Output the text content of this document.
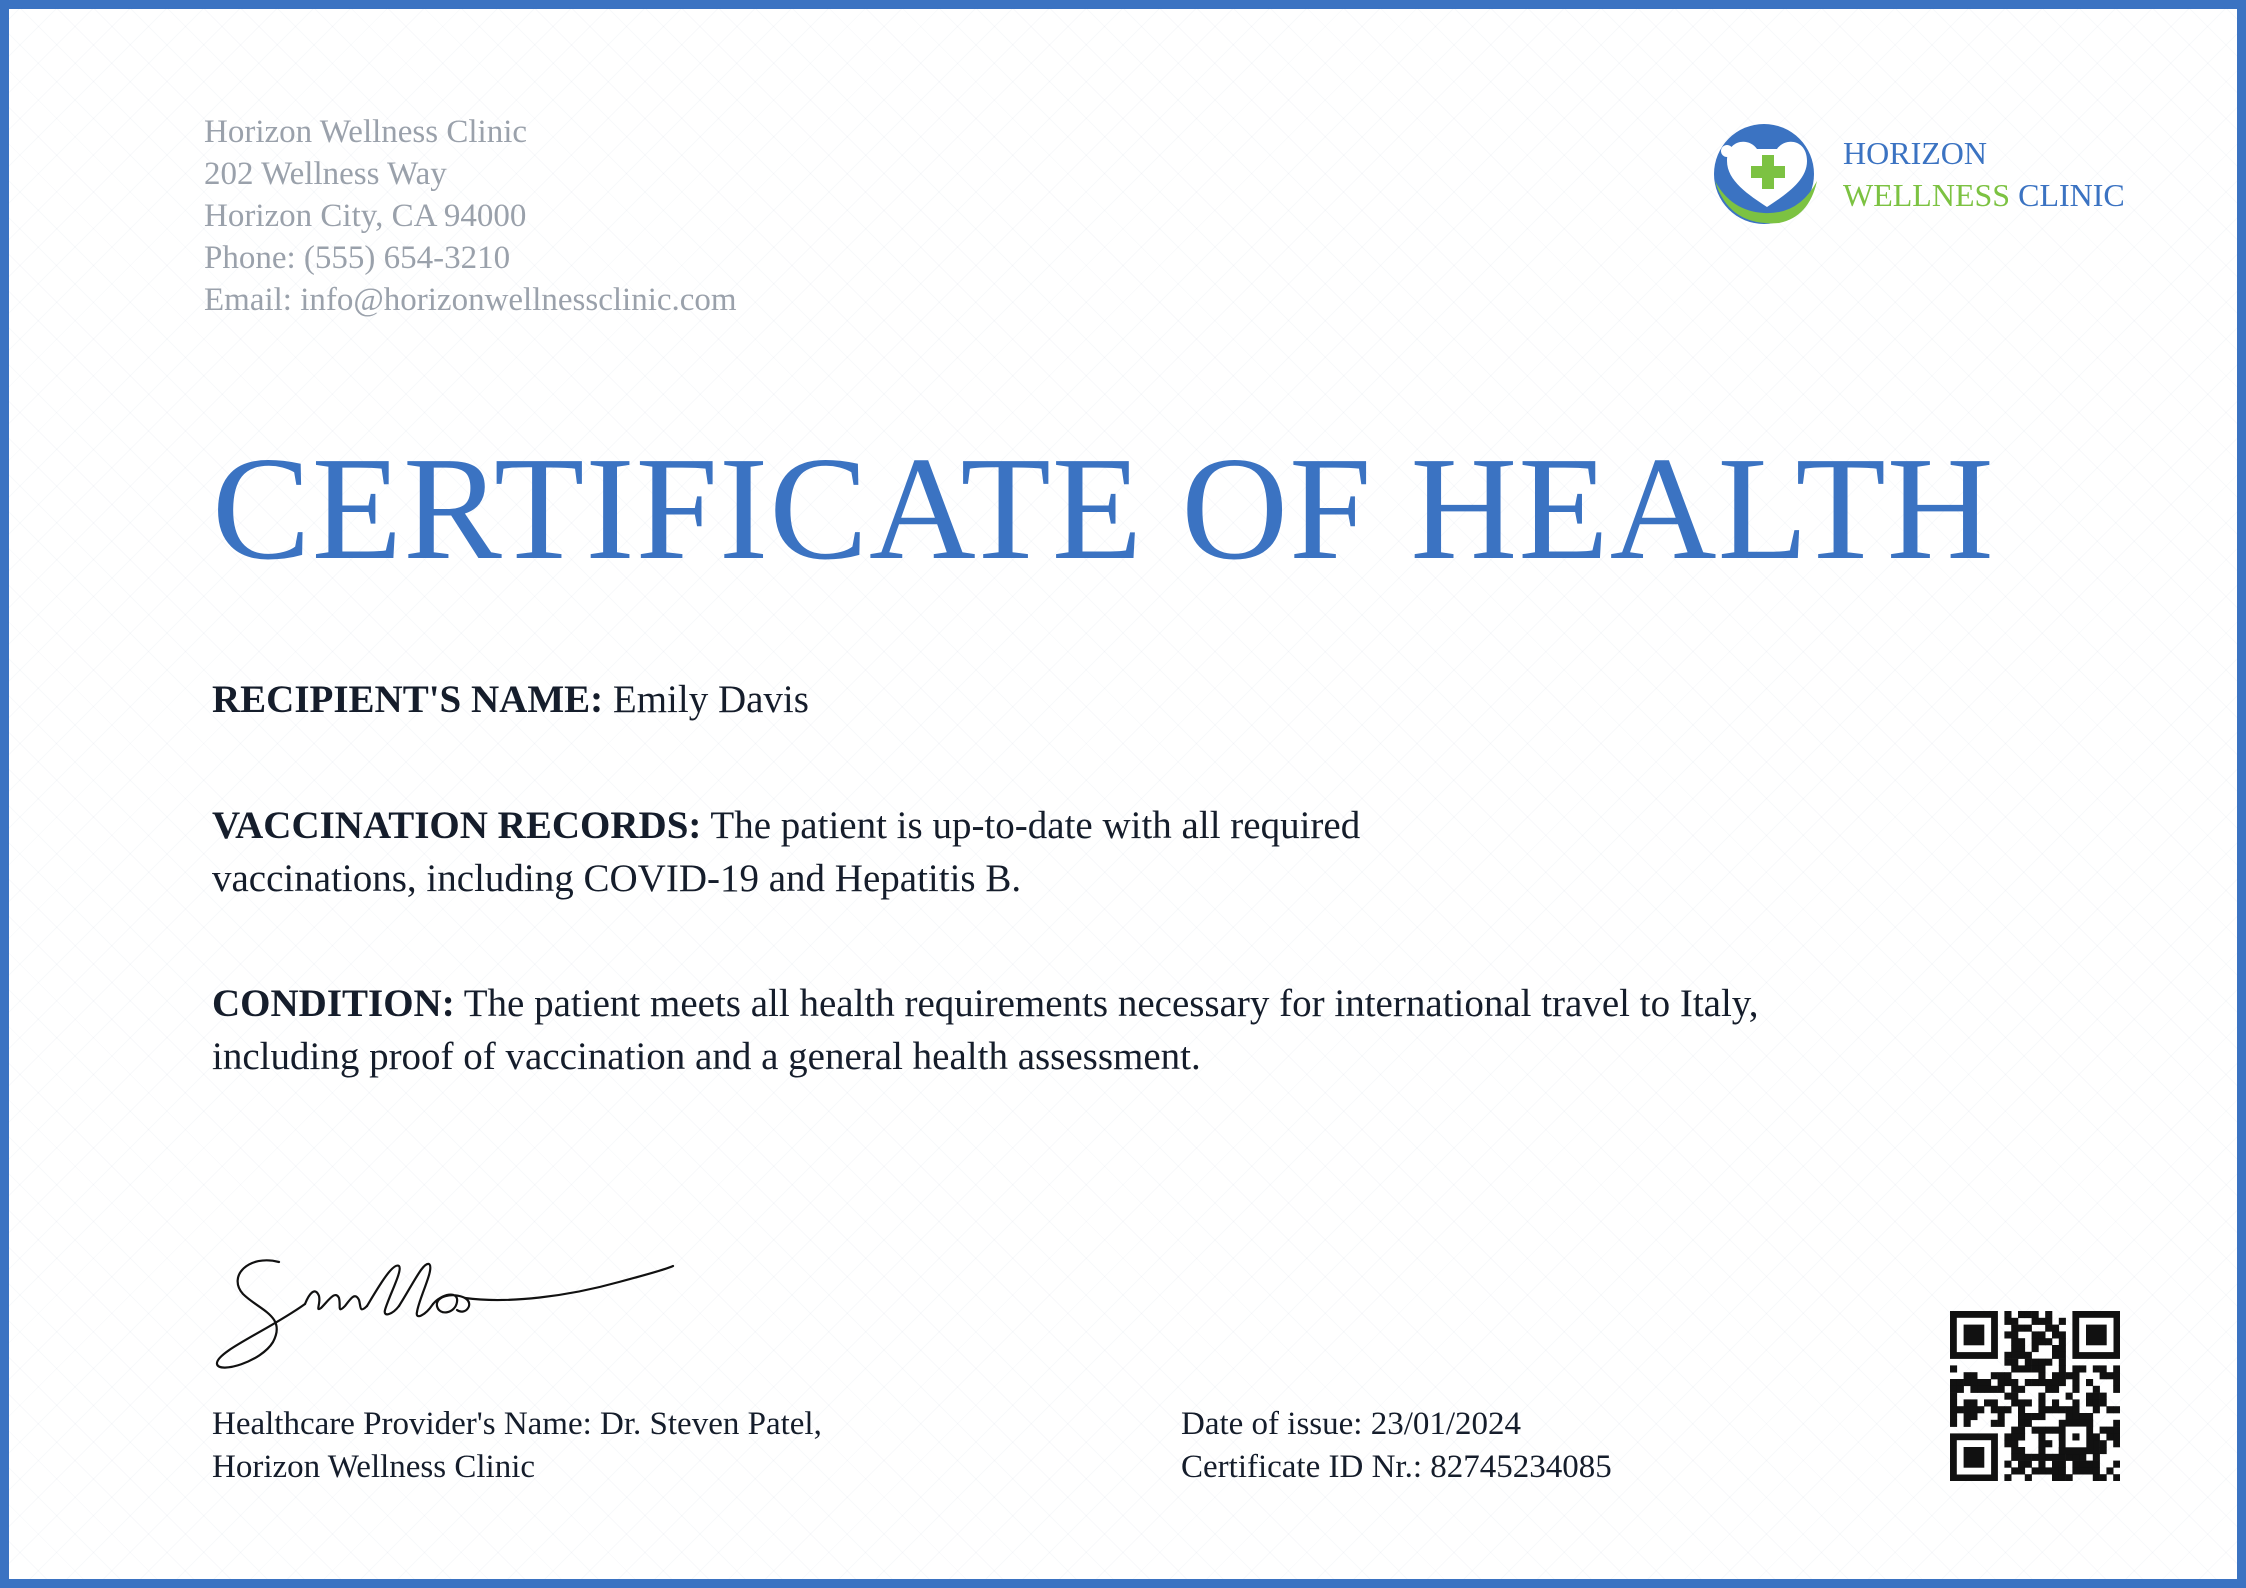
Horizon Wellness Clinic
202 Wellness Way
Horizon City, CA 94000
Phone: (555) 654-3210
Email: info@horizonwellnessclinic.com
HORIZON
WELLNESS CLINIC
CERTIFICATE OF HEALTH
RECIPIENT'S NAME: Emily Davis
VACCINATION RECORDS: The patient is up-to-date with all required vaccinations, including COVID-19 and Hepatitis B.
CONDITION: The patient meets all health requirements necessary for international travel to Italy, including proof of vaccination and a general health assessment.
Healthcare Provider's Name: Dr. Steven Patel,
Horizon Wellness Clinic
Date of issue: 23/01/2024
Certificate ID Nr.: 82745234085
